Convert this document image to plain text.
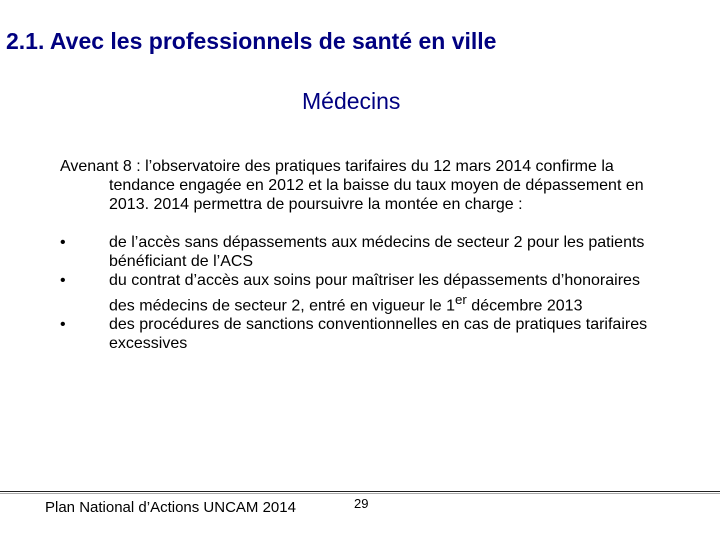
2.1. Avec les professionnels de santé en ville
Médecins

Avenant 8 : l’observatoire des pratiques tarifaires du 12 mars 2014 confirme la tendance engagée en 2012 et la baisse du taux moyen de dépassement en 2013. 2014 permettra de poursuivre la montée en charge :

•	de l’accès sans dépassements aux médecins de secteur 2 pour les patients bénéficiant de l’ACS
•	du contrat d’accès aux soins pour maîtriser les dépassements d’honoraires des médecins de secteur 2, entré en vigueur le 1er décembre 2013
•	des procédures de sanctions conventionnelles en cas de pratiques tarifaires excessives
Plan National d’Actions UNCAM 2014	29
